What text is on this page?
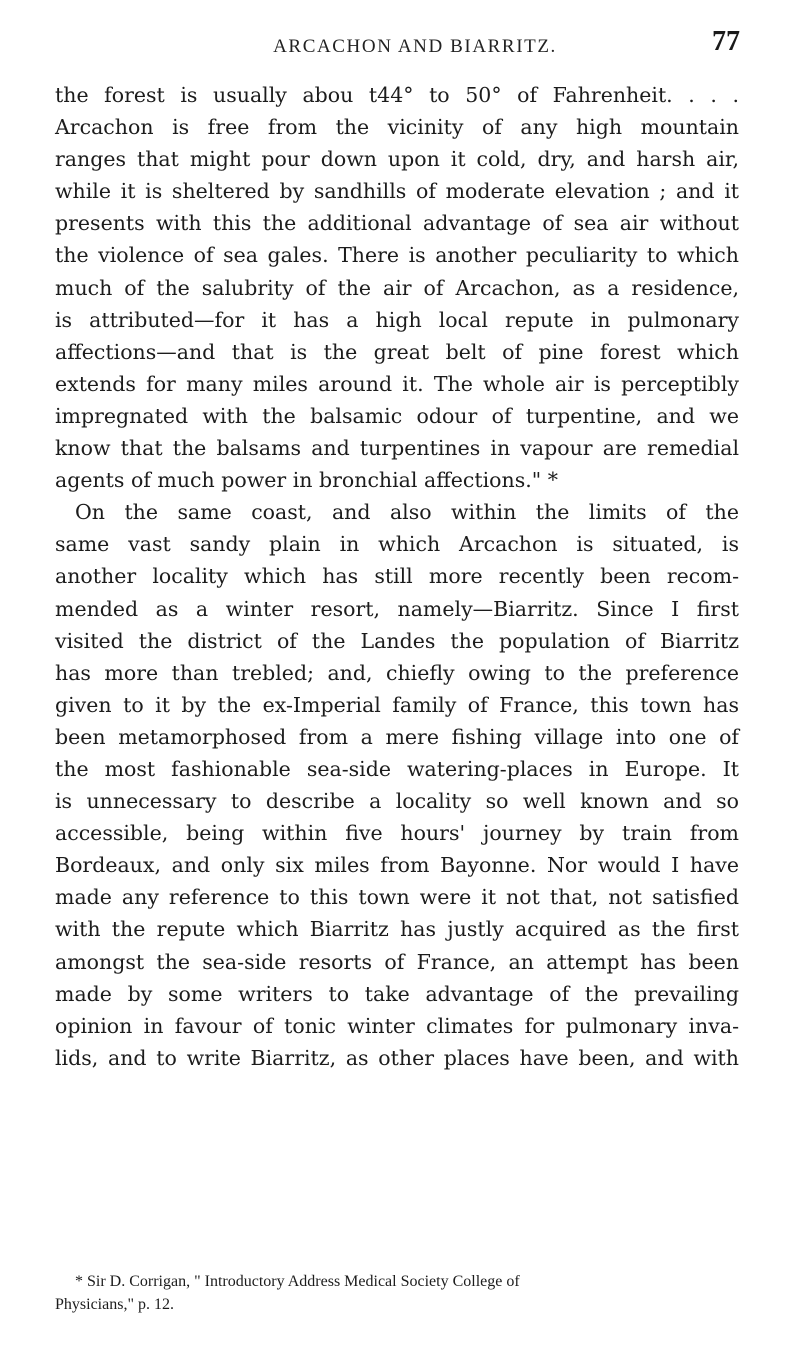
ARCACHON AND BIARRITZ.	77
the forest is usually abou t44° to 50° of Fahrenheit. . . .
Arcachon is free from the vicinity of any high mountain
ranges that might pour down upon it cold, dry, and harsh air,
while it is sheltered by sandhills of moderate elevation ; and it
presents with this the additional advantage of sea air without
the violence of sea gales. There is another peculiarity to which
much of the salubrity of the air of Arcachon, as a residence,
is attributed—for it has a high local repute in pulmonary
affections—and that is the great belt of pine forest which
extends for many miles around it. The whole air is perceptibly
impregnated with the balsamic odour of turpentine, and we
know that the balsams and turpentines in vapour are remedial
agents of much power in bronchial affections." *
On the same coast, and also within the limits of the
same vast sandy plain in which Arcachon is situated, is
another locality which has still more recently been recom-
mended as a winter resort, namely—Biarritz. Since I first
visited the district of the Landes the population of Biarritz
has more than trebled; and, chiefly owing to the preference
given to it by the ex-Imperial family of France, this town has
been metamorphosed from a mere fishing village into one of
the most fashionable sea-side watering-places in Europe. It
is unnecessary to describe a locality so well known and so
accessible, being within five hours' journey by train from
Bordeaux, and only six miles from Bayonne. Nor would I have
made any reference to this town were it not that, not satisfied
with the repute which Biarritz has justly acquired as the first
amongst the sea-side resorts of France, an attempt has been
made by some writers to take advantage of the prevailing
opinion in favour of tonic winter climates for pulmonary inva-
lids, and to write Biarritz, as other places have been, and with
* Sir D. Corrigan, " Introductory Address Medical Society College of
Physicians," p. 12.
